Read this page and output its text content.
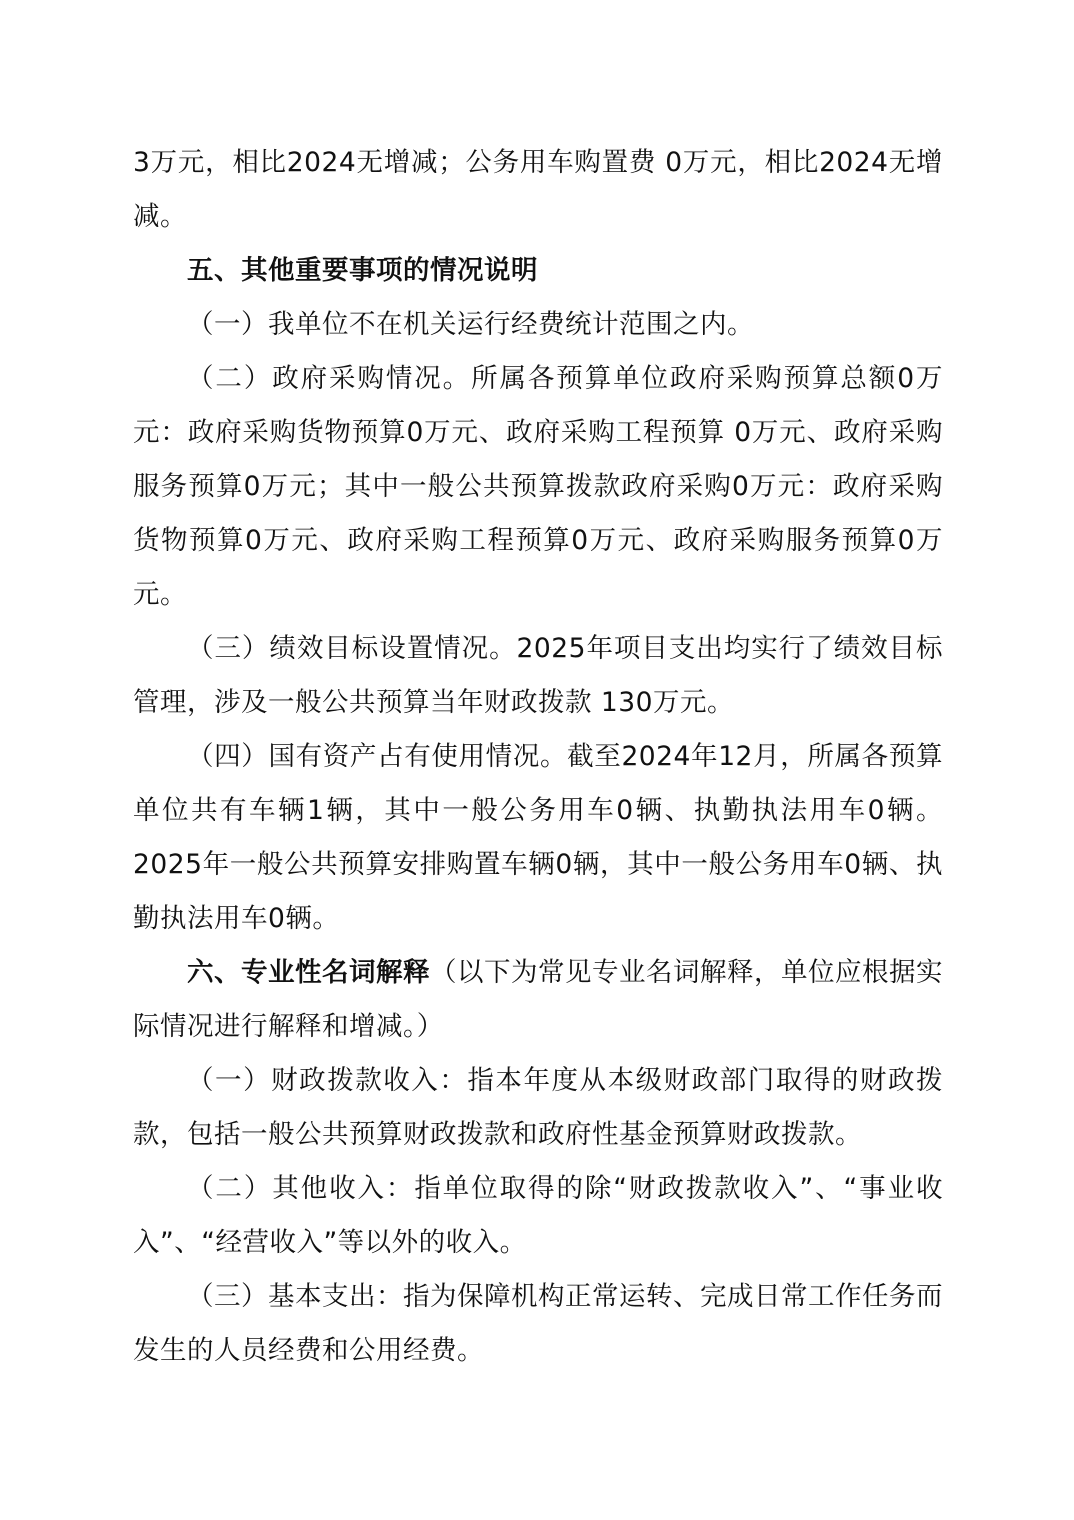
3万元，相比2024无增减；公务用车购置费 0万元，相比2024无增减。

五、其他重要事项的情况说明

（一）我单位不在机关运行经费统计范围之内。

（二）政府采购情况。所属各预算单位政府采购预算总额0万元：政府采购货物预算0万元、政府采购工程预算 0万元、政府采购服务预算0万元；其中一般公共预算拨款政府采购0万元：政府采购货物预算0万元、政府采购工程预算0万元、政府采购服务预算0万元。

（三）绩效目标设置情况。2025年项目支出均实行了绩效目标管理，涉及一般公共预算当年财政拨款 130万元。

（四）国有资产占有使用情况。截至2024年12月，所属各预算单位共有车辆1辆，其中一般公务用车0辆、执勤执法用车0辆。2025年一般公共预算安排购置车辆0辆，其中一般公务用车0辆、执勤执法用车0辆。

六、专业性名词解释（以下为常见专业名词解释，单位应根据实际情况进行解释和增减。）

（一）财政拨款收入：指本年度从本级财政部门取得的财政拨款，包括一般公共预算财政拨款和政府性基金预算财政拨款。

（二）其他收入：指单位取得的除“财政拨款收入”、“事业收入”、“经营收入”等以外的收入。

（三）基本支出：指为保障机构正常运转、完成日常工作任务而发生的人员经费和公用经费。
